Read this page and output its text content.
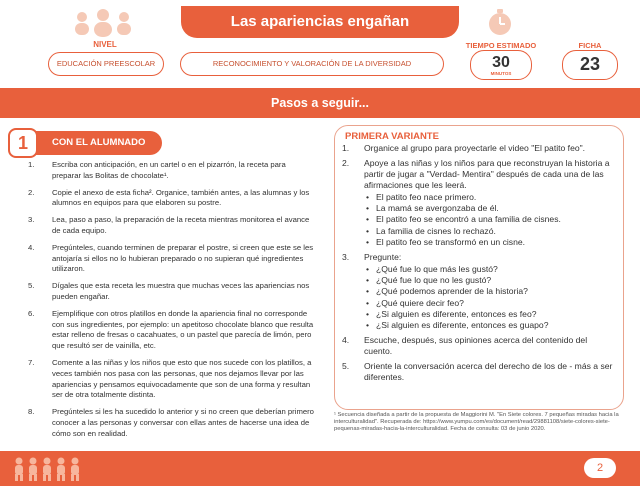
Las apariencias engañan
NIVEL
EDUCACIÓN PREESCOLAR	RECONOCIMIENTO Y VALORACIÓN DE LA DIVERSIDAD
TIEMPO ESTIMADO
30
MINUTOS
FICHA
23
Pasos a seguir...
CON EL ALUMNADO
1
1. Escriba con anticipación, en un cartel o en el pizarrón, la receta para preparar las Bolitas de chocolate¹.
2. Copie el anexo de esta ficha². Organice, también antes, a las alumnas y los alumnos en equipos para que elaboren su postre.
3. Lea, paso a paso, la preparación de la receta mientras monitorea el avance de cada equipo.
4. Pregúnteles, cuando terminen de preparar el postre, si creen que este se les antojaría si ellos no lo hubieran preparado o no supieran qué ingredientes utilizaron.
5. Dígales que esta receta les muestra que muchas veces las apariencias nos pueden engañar.
6. Ejemplifique con otros platillos en donde la apariencia final no corresponde con sus ingredientes, por ejemplo: un apetitoso chocolate blanco que resulta estar relleno de fresas o cacahuates, o un pastel que parecía de limón, pero que resultó ser de vainilla, etc.
7. Comente a las niñas y los niños que esto que nos sucede con los platillos, a veces también nos pasa con las personas, que nos dejamos llevar por las apariencias y pensamos equivocadamente que son de una forma y resultan ser de otra totalmente distinta.
8. Pregúnteles si les ha sucedido lo anterior y si no creen que deberían primero conocer a las personas y conversar con ellas antes de hacerse una idea de cómo son en realidad.
PRIMERA VARIANTE
1. Organice al grupo para proyectarle el video "El patito feo".
2. Apoye a las niñas y los niños para que reconstruyan la historia a partir de jugar a "Verdad- Mentira" después de cada una de las afirmaciones que les leerá.
• El patito feo nace primero.
• La mamá se avergonzaba de él.
• El patito feo se encontró a una familia de cisnes.
• La familia de cisnes lo rechazó.
• El patito feo se transformó en un cisne.
3. Pregunte:
• ¿Qué fue lo que más les gustó?
• ¿Qué fue lo que no les gustó?
• ¿Qué podemos aprender de la historia?
• ¿Qué quiere decir feo?
• ¿Si alguien es diferente, entonces es feo?
• ¿Si alguien es diferente, entonces es guapo?
4. Escuche, después, sus opiniones acerca del contenido del cuento.
5. Oriente la conversación acerca del derecho de los de - más a ser diferentes.
¹ Secuencia diseñada a partir de la propuesta de Maggiorini M. "En Siete colores. 7 pequeñas miradas hacia la interculturalidad". Recuperada de: https://www.yumpu.com/es/document/read/29881108/siete-colores-siete-pequenas-miradas-hacia-la-interculturalidad. Fecha de consulta: 03 de junio 2020.
2
